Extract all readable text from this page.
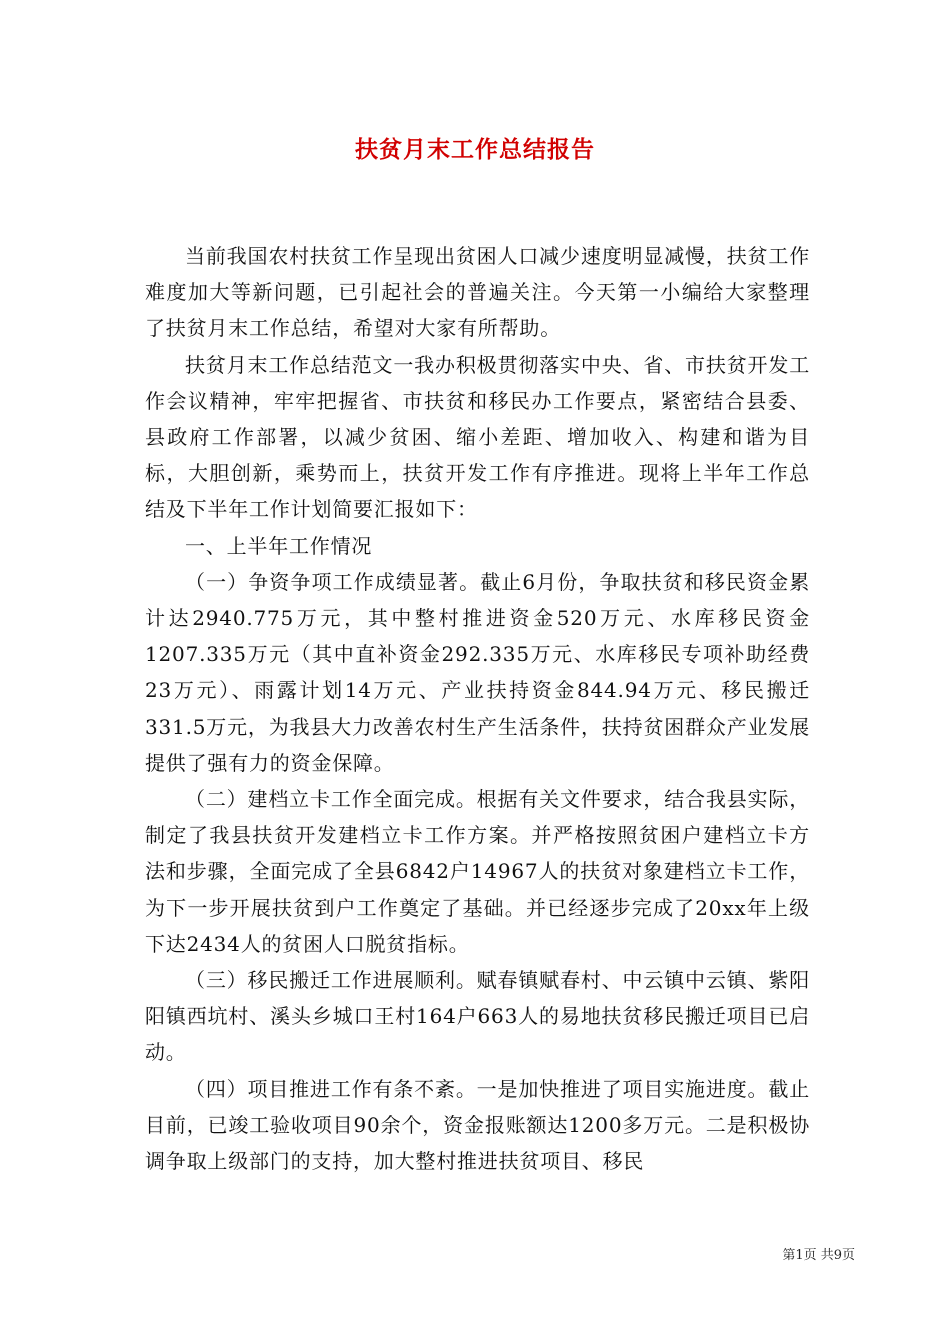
扶贫月末工作总结报告

当前我国农村扶贫工作呈现出贫困人口减少速度明显减慢，扶贫工作难度加大等新问题，已引起社会的普遍关注。今天第一小编给大家整理了扶贫月末工作总结，希望对大家有所帮助。

扶贫月末工作总结范文一我办积极贯彻落实中央、省、市扶贫开发工作会议精神，牢牢把握省、市扶贫和移民办工作要点，紧密结合县委、县政府工作部署，以减少贫困、缩小差距、增加收入、构建和谐为目标，大胆创新，乘势而上，扶贫开发工作有序推进。现将上半年工作总结及下半年工作计划简要汇报如下：

一、上半年工作情况

（一）争资争项工作成绩显著。截止6月份，争取扶贫和移民资金累计达2940.775万元，其中整村推进资金520万元、水库移民资金1207.335万元（其中直补资金292.335万元、水库移民专项补助经费23万元）、雨露计划14万元、产业扶持资金844.94万元、移民搬迁331.5万元，为我县大力改善农村生产生活条件，扶持贫困群众产业发展提供了强有力的资金保障。

（二）建档立卡工作全面完成。根据有关文件要求，结合我县实际，制定了我县扶贫开发建档立卡工作方案。并严格按照贫困户建档立卡方法和步骤，全面完成了全县6842户14967人的扶贫对象建档立卡工作，为下一步开展扶贫到户工作奠定了基础。并已经逐步完成了20xx年上级下达2434人的贫困人口脱贫指标。

（三）移民搬迁工作进展顺利。赋春镇赋春村、中云镇中云镇、紫阳阳镇西坑村、溪头乡城口王村164户663人的易地扶贫移民搬迁项目已启动。

（四）项目推进工作有条不紊。一是加快推进了项目实施进度。截止目前，已竣工验收项目90余个，资金报账额达1200多万元。二是积极协调争取上级部门的支持，加大整村推进扶贫项目、移民

第1页 共9页
